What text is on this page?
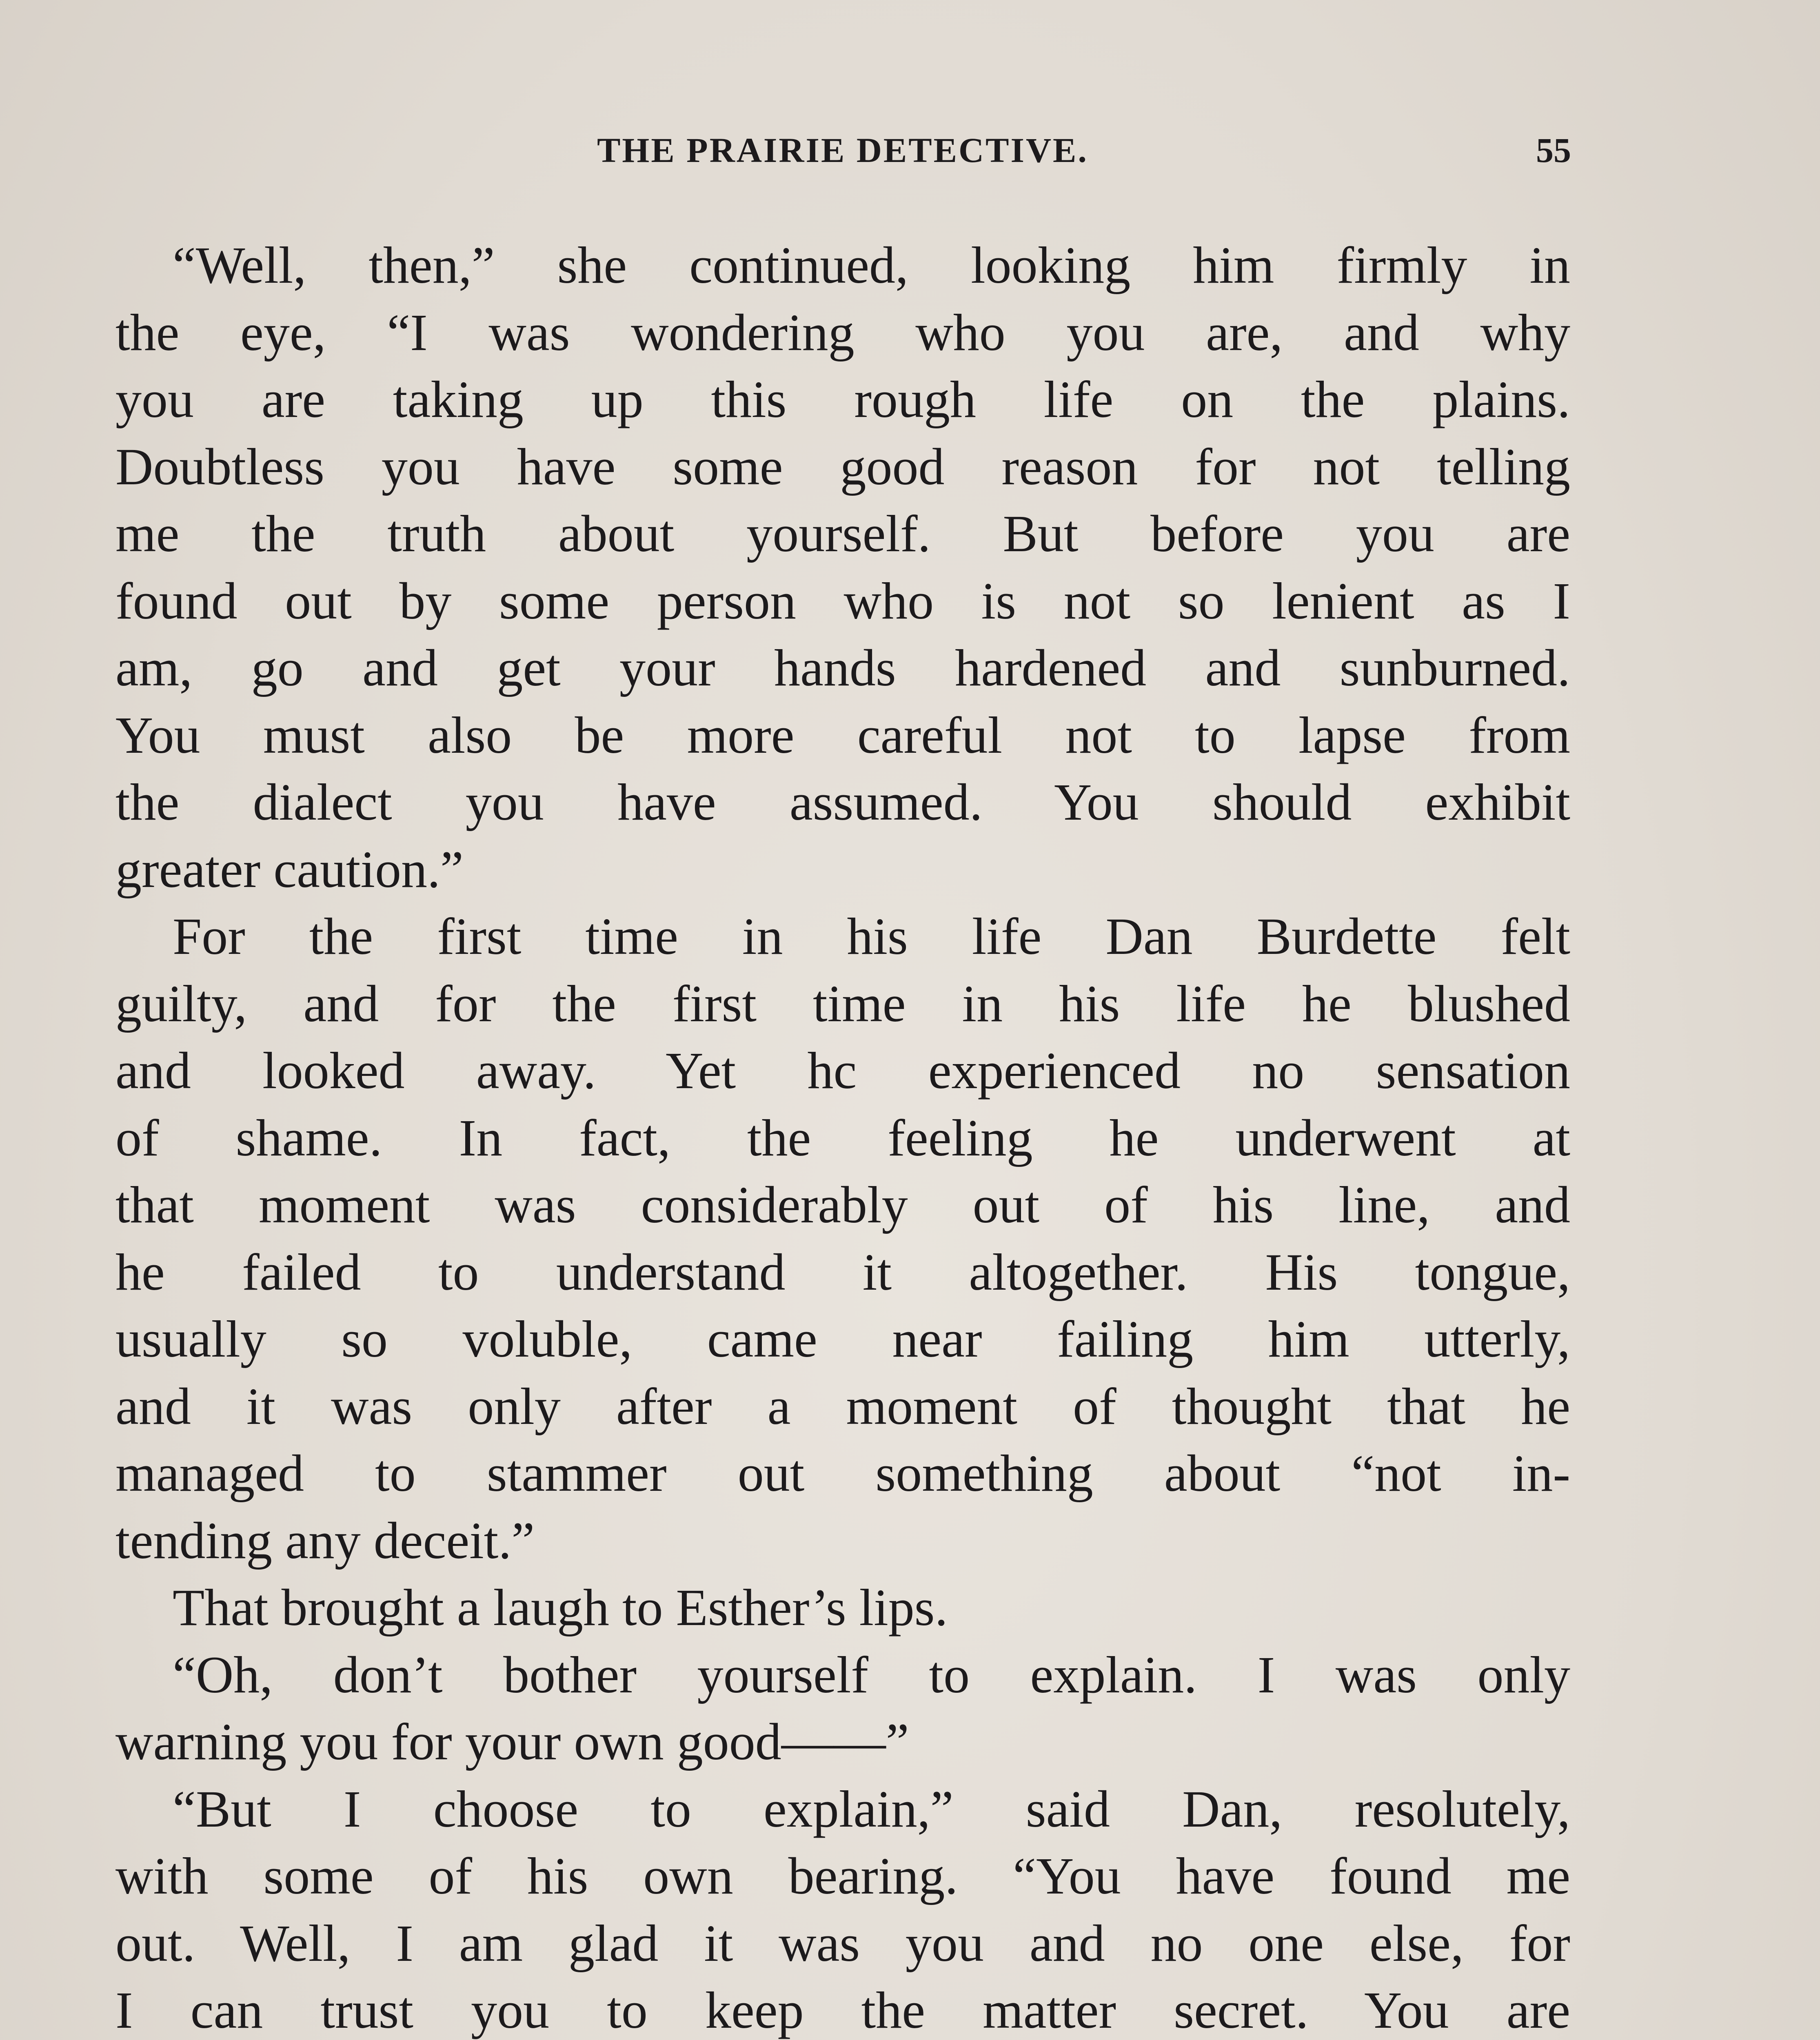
THE PRAIRIE DETECTIVE.	55
“Well, then,” she continued, looking him firmly in
the eye, “I was wondering who you are, and why
you are taking up this rough life on the plains.
Doubtless you have some good reason for not telling
me the truth about yourself. But before you are
found out by some person who is not so lenient as I
am, go and get your hands hardened and sunburned.
You must also be more careful not to lapse from
the dialect you have assumed. You should exhibit
greater caution.”
For the first time in his life Dan Burdette felt
guilty, and for the first time in his life he blushed
and looked away. Yet hc experienced no sensation
of shame. In fact, the feeling he underwent at
that moment was considerably out of his line, and
he failed to understand it altogether. His tongue,
usually so voluble, came near failing him utterly,
and it was only after a moment of thought that he
managed to stammer out something about “not in-
tending any deceit.”
That brought a laugh to Esther’s lips.
“Oh, don’t bother yourself to explain. I was only
warning you for your own good——”
“But I choose to explain,” said Dan, resolutely,
with some of his own bearing. “You have found me
out. Well, I am glad it was you and no one else, for
I can trust you to keep the matter secret. You are
